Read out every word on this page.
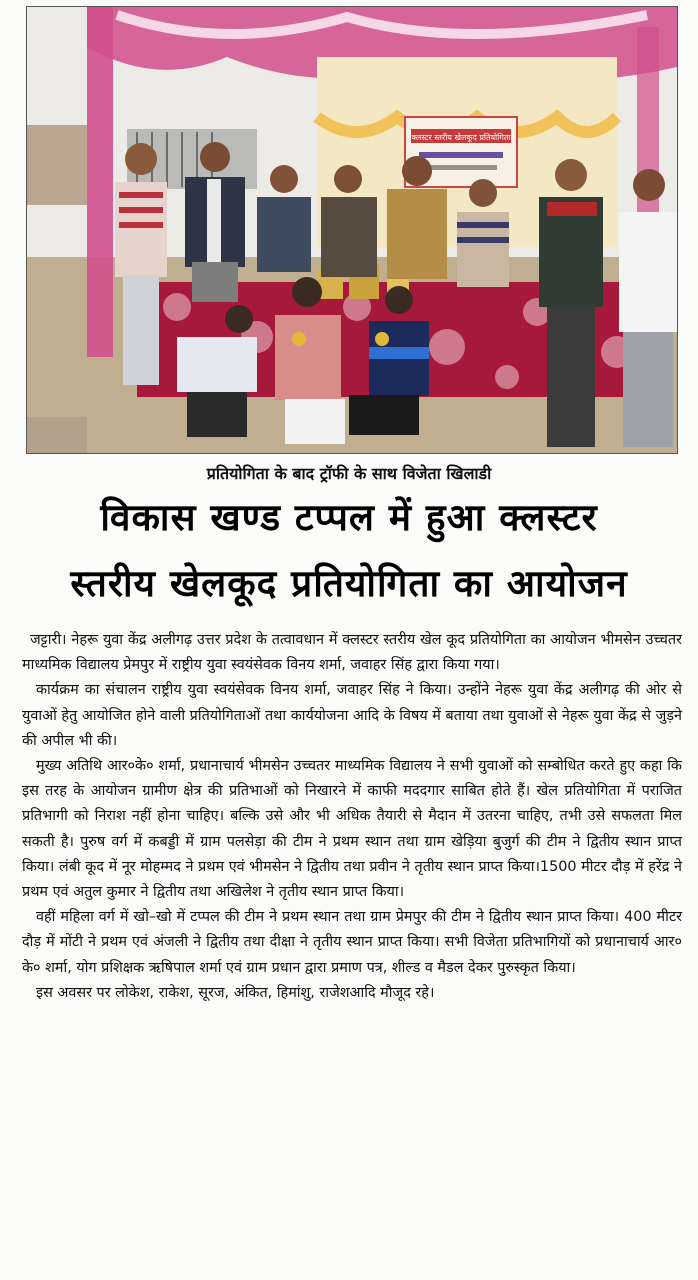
क्लस्टर स्तरीय खेलकूद प्रतियोगिता
प्रतियोगिता के बाद ट्रॉफी के साथ विजेता खिलाडी
विकास खण्ड टप्पल में हुआ क्लस्टर
स्तरीय खेलकूद प्रतियोगिता का आयोजन

जट्टारी। नेहरू युवा केंद्र अलीगढ़ उत्तर प्रदेश के तत्वावधान में क्लस्टर स्तरीय खेल कूद प्रतियोगिता का आयोजन भीमसेन उच्चतर माध्यमिक विद्यालय प्रेमपुर में राष्ट्रीय युवा स्वयंसेवक विनय शर्मा, जवाहर सिंह द्वारा किया गया।

कार्यक्रम का संचालन राष्ट्रीय युवा स्वयंसेवक विनय शर्मा, जवाहर सिंह ने किया। उन्होंने नेहरू युवा केंद्र अलीगढ़ की ओर से युवाओं हेतु आयोजित होने वाली प्रतियोगिताओं तथा कार्ययोजना आदि के विषय में बताया तथा युवाओं से नेहरू युवा केंद्र से जुड़ने की अपील भी की।

मुख्य अतिथि आर०के० शर्मा, प्रधानाचार्य भीमसेन उच्चतर माध्यमिक विद्यालय ने सभी युवाओं को सम्बोधित करते हुए कहा कि इस तरह के आयोजन ग्रामीण क्षेत्र की प्रतिभाओं को निखारने में काफी मददगार साबित होते हैं। खेल प्रतियोगिता में पराजित प्रतिभागी को निराश नहीं होना चाहिए। बल्कि उसे और भी अधिक तैयारी से मैदान में उतरना चाहिए, तभी उसे सफलता मिल सकती है। पुरुष वर्ग में कबड्डी में ग्राम पलसेड़ा की टीम ने प्रथम स्थान तथा ग्राम खेड़िया बुजुर्ग की टीम ने द्वितीय स्थान प्राप्त किया। लंबी कूद में नूर मोहम्मद ने प्रथम एवं भीमसेन ने द्वितीय तथा प्रवीन ने तृतीय स्थान प्राप्त किया।1500 मीटर दौड़ में हरेंद्र ने प्रथम एवं अतुल कुमार ने द्वितीय तथा अखिलेश ने तृतीय स्थान प्राप्त किया।

वहीं महिला वर्ग में खो–खो में टप्पल की टीम ने प्रथम स्थान तथा ग्राम प्रेमपुर की टीम ने द्वितीय स्थान प्राप्त किया। 400 मीटर दौड़ में मोंटी ने प्रथम एवं अंजली ने द्वितीय तथा दीक्षा ने तृतीय स्थान प्राप्त किया। सभी विजेता प्रतिभागियों को प्रधानाचार्य आर० के० शर्मा, योग प्रशिक्षक ऋषिपाल शर्मा एवं ग्राम प्रधान द्वारा प्रमाण पत्र, शील्ड व मैडल देकर पुरुस्कृत किया।

इस अवसर पर लोकेश, राकेश, सूरज, अंकित, हिमांशु, राजेशआदि मौजूद रहे।
